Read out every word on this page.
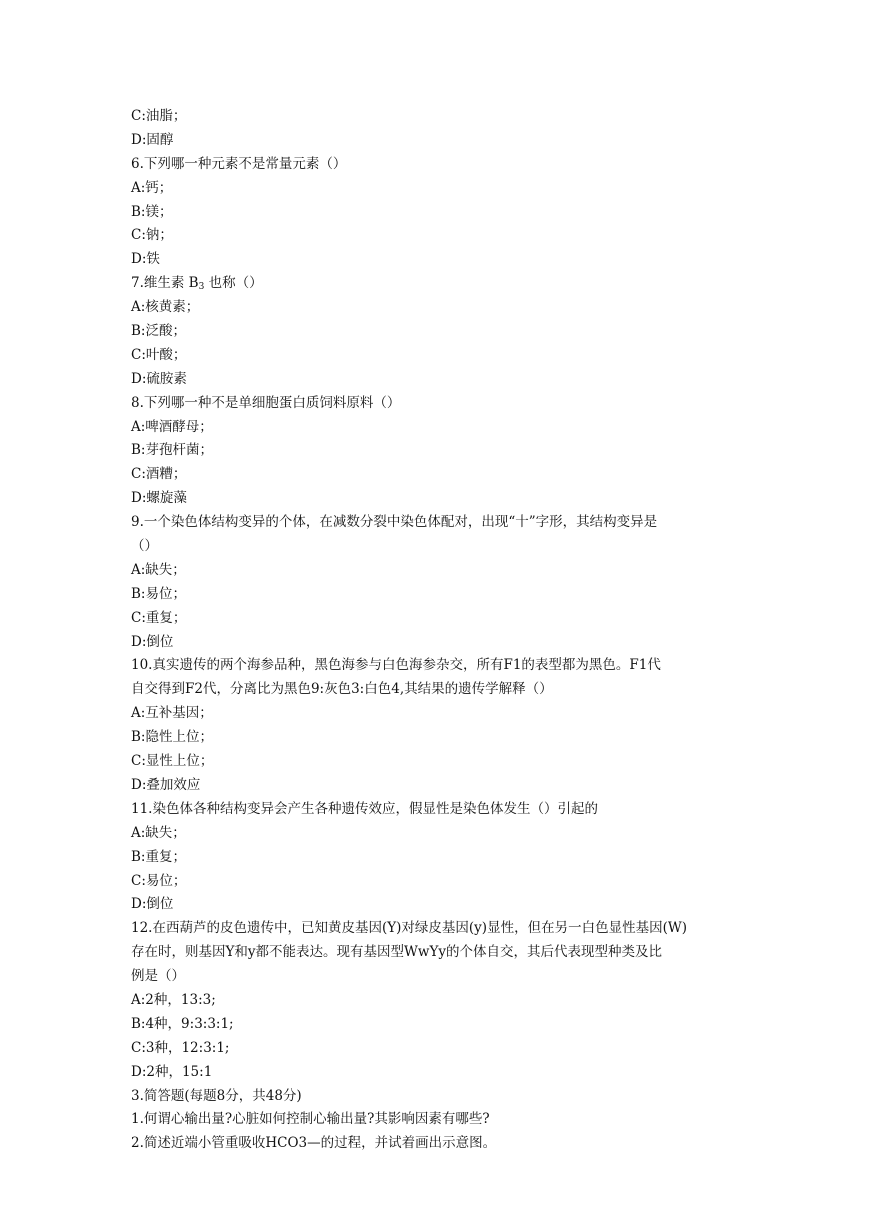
C:油脂；
D:固醇
6.下列哪一种元素不是常量元素（）
A:钙；
B:镁；
C:钠；
D:铁
7.维生素 $B_3$ 也称（）
A:核黄素；
B:泛酸；
C:叶酸；
D:硫胺素
8.下列哪一种不是单细胞蛋白质饲料原料（）
A:啤酒酵母；
B:芽孢杆菌；
C:酒糟；
D:螺旋藻
9.一个染色体结构变异的个体，在减数分裂中染色体配对，出现“十”字形，其结构变异是
（）
A:缺失；
B:易位；
C:重复；
D:倒位
10.真实遗传的两个海参品种，黑色海参与白色海参杂交，所有F1的表型都为黑色。F1代
自交得到F2代，分离比为黑色9:灰色3:白色4,其结果的遗传学解释（）
A:互补基因；
B:隐性上位；
C:显性上位；
D:叠加效应
11.染色体各种结构变异会产生各种遗传效应，假显性是染色体发生（）引起的
A:缺失；
B:重复；
C:易位；
D:倒位
12.在西葫芦的皮色遗传中，已知黄皮基因(Y)对绿皮基因(y)显性，但在另一白色显性基因(W)
存在时，则基因Y和y都不能表达。现有基因型WwYy的个体自交，其后代表现型种类及比
例是（）
A:2种，13:3;
B:4种，9:3:3:1;
C:3种，12:3:1;
D:2种，15:1
3.简答题(每题8分，共48分)
1.何谓心输出量?心脏如何控制心输出量?其影响因素有哪些?
2.简述近端小管重吸收HCO3—的过程，并试着画出示意图。
